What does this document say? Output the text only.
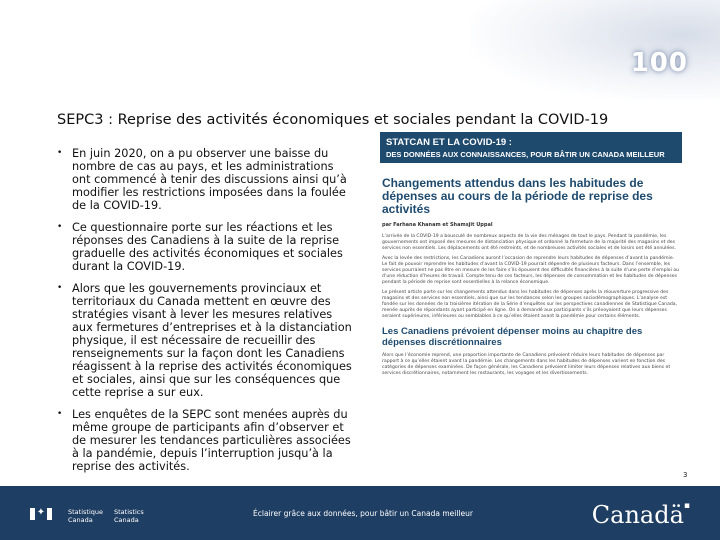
100
SEPC3 : Reprise des activités économiques et sociales pendant la COVID-19
• En juin 2020, on a pu observer une baisse du nombre de cas au pays, et les administrations ont commencé à tenir des discussions ainsi qu’à modifier les restrictions imposées dans la foulée de la COVID-19.
• Ce questionnaire porte sur les réactions et les réponses des Canadiens à la suite de la reprise graduelle des activités économiques et sociales durant la COVID-19.
• Alors que les gouvernements provinciaux et territoriaux du Canada mettent en œuvre des stratégies visant à lever les mesures relatives aux fermetures d’entreprises et à la distanciation physique, il est nécessaire de recueillir des renseignements sur la façon dont les Canadiens réagissent à la reprise des activités économiques et sociales, ainsi que sur les conséquences que cette reprise a sur eux.
• Les enquêtes de la SEPC sont menées auprès du même groupe de participants afin d’observer et de mesurer les tendances particulières associées à la pandémie, depuis l’interruption jusqu’à la reprise des activités.
STATCAN ET LA COVID-19 :
DES DONNÉES AUX CONNAISSANCES, POUR BÂTIR UN CANADA MEILLEUR
Changements attendus dans les habitudes de dépenses au cours de la période de reprise des activités
par Farhana Khanam et Shamsjit Uppal
L’arrivée de la COVID-19 a bousculé de nombreux aspects de la vie des ménages de tout le pays. Pendant la pandémie, les gouvernements ont imposé des mesures de distanciation physique et ordonné la fermeture de la majorité des magasins et des services non essentiels. Les déplacements ont été restreints, et de nombreuses activités sociales et de loisirs ont été annulées.
Avec la levée des restrictions, les Canadiens auront l’occasion de reprendre leurs habitudes de dépenses d’avant la pandémie. Le fait de pouvoir reprendre les habitudes d’avant la COVID-19 pourrait dépendre de plusieurs facteurs. Dans l’ensemble, les services pourraient ne pas être en mesure de les faire s’ils épousent des difficultés financières à la suite d’une perte d’emploi ou d’une réduction d’heures de travail. Compte tenu de ces facteurs, les dépenses de consommation et les habitudes de dépenses pendant la période de reprise sont essentielles à la relance économique.
Le présent article porte sur les changements attendus dans les habitudes de dépenses après la réouverture progressive des magasins et des services non essentiels, ainsi que sur les tendances selon les groupes sociodémographiques. L’analyse est fondée sur les données de la troisième itération de la Série d’enquêtes sur les perspectives canadiennes de Statistique Canada, menée auprès de répondants ayant participé en ligne. On a demandé aux participants s’ils prévoyaient que leurs dépenses seraient supérieures, inférieures ou semblables à ce qu’elles étaient avant la pandémie pour certains éléments.
Les Canadiens prévoient dépenser moins au chapitre des dépenses discrétionnaires
Alors que l’économie reprend, une proportion importante de Canadiens prévoient réduire leurs habitudes de dépenses par rapport à ce qu’elles étaient avant la pandémie. Les changements dans les habitudes de dépenses varient en fonction des catégories de dépenses examinées. De façon générale, les Canadiens prévoient limiter leurs dépenses relatives aux biens et services discrétionnaires, notamment les restaurants, les voyages et les divertissements.
3
✦	Statistique
Canada
Statistics
Canada	Canadä▪
Éclairer grâce aux données, pour bâtir un Canada meilleur
